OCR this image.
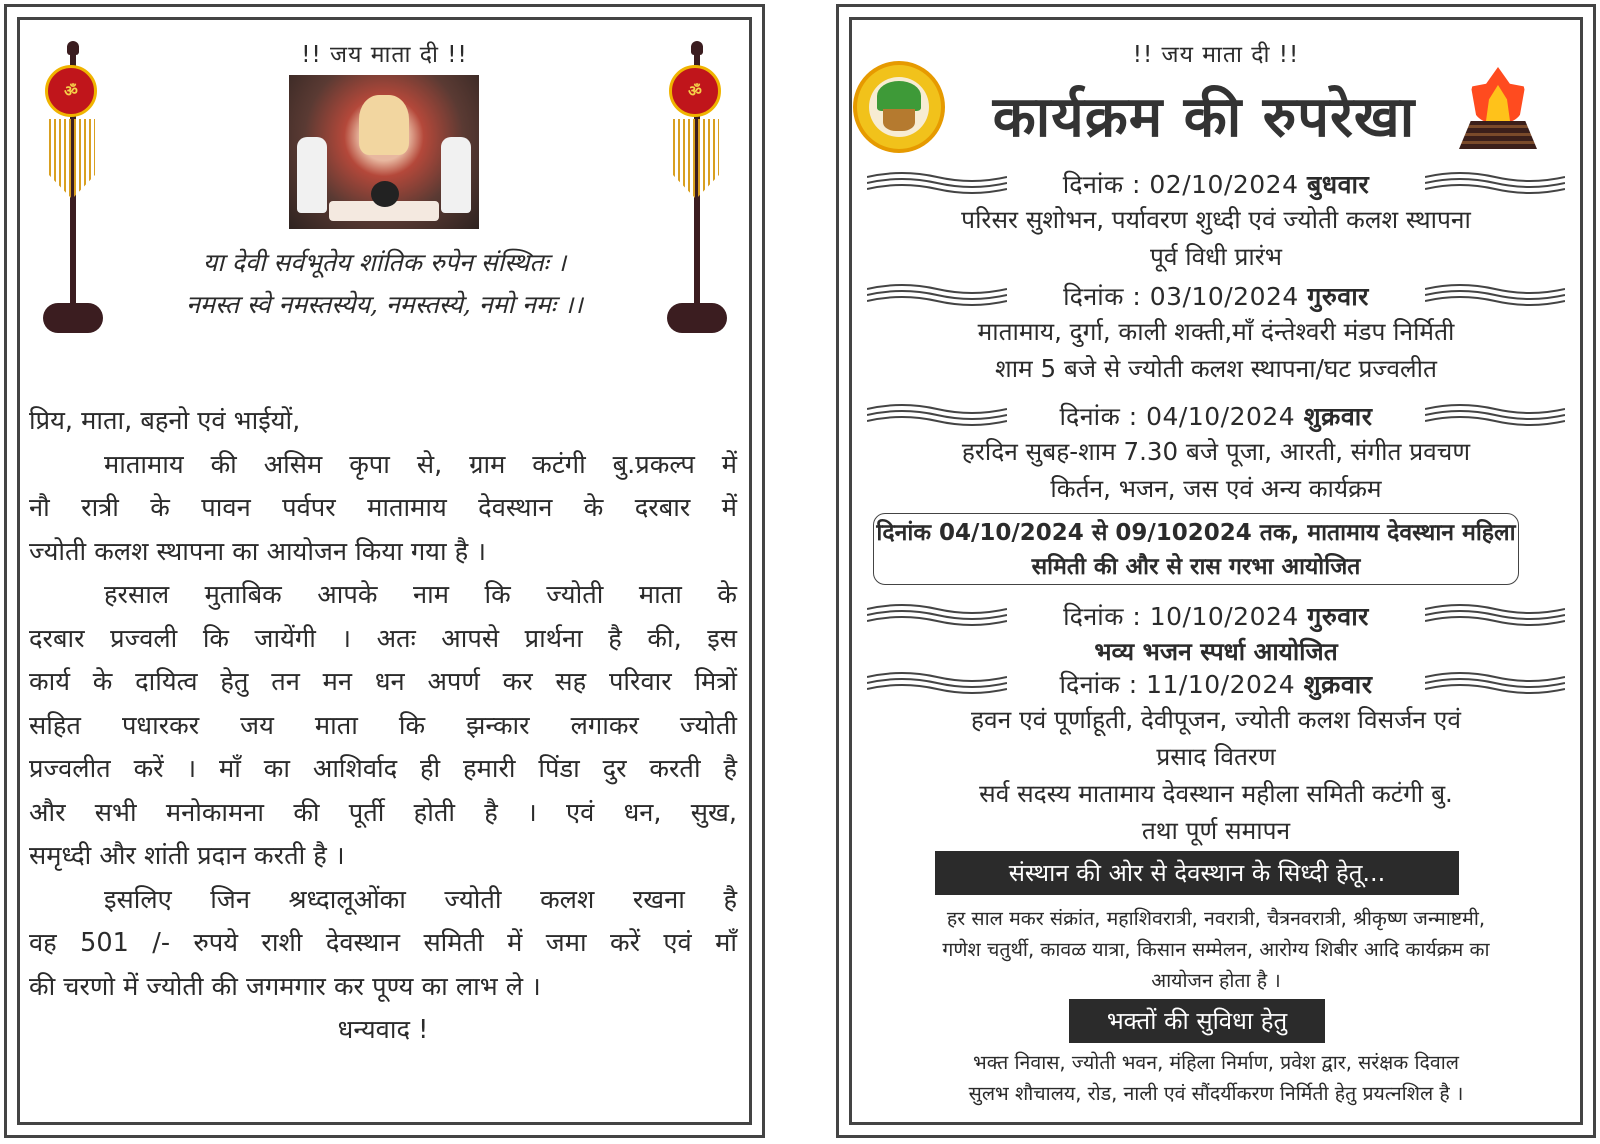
!! जय माता दी !!
ॐ	ॐ
या देवी सर्वभूतेय शांतिक रुपेन संस्थितः ।
नमस्त स्वे नमस्तस्येय, नमस्तस्ये, नमो नमः ।।

प्रिय, माता, बहनो एवं भाईयों,

मातामाय की असिम कृपा से, ग्राम कटंगी बु.प्रकल्प में

नौ रात्री के पावन पर्वपर मातामाय देवस्थान के दरबार में

ज्योती कलश स्थापना का आयोजन किया गया है ।

हरसाल मुताबिक आपके नाम कि ज्योती माता के

दरबार प्रज्वली कि जायेंगी । अतः आपसे प्रार्थना है की, इस

कार्य के दायित्व हेतु तन मन धन अपर्ण कर सह परिवार मित्रों

सहित पधारकर जय माता कि झन्कार लगाकर ज्योती

प्रज्वलीत करें । माँ का आशिर्वाद ही हमारी पिंडा दुर करती है

और सभी मनोकामना की पूर्ती होती है । एवं धन, सुख,

समृध्दी और शांती प्रदान करती है ।

इसलिए जिन श्रध्दालूओंका ज्योती कलश रखना है

वह 501 /- रुपये राशी देवस्थान समिती में जमा करें एवं माँ

की चरणो में ज्योती की जगमगार कर पूण्य का लाभ ले ।

धन्यवाद !

!! जय माता दी !!
कार्यक्रम की रुपरेखा
दिनांक : 02/10/2024 बुधवार
परिसर सुशोभन, पर्यावरण शुध्दी एवं ज्योती कलश स्थापना
पूर्व विधी प्रारंभ
दिनांक : 03/10/2024 गुरुवार
मातामाय, दुर्गा, काली शक्ती,माँ दंन्तेश्वरी मंडप निर्मिती
शाम 5 बजे से ज्योती कलश स्थापना/घट प्रज्वलीत
दिनांक : 04/10/2024 शुक्रवार
हरदिन सुबह-शाम 7.30 बजे पूजा, आरती, संगीत प्रवचण
किर्तन, भजन, जस एवं अन्य कार्यक्रम
दिनांक 04/10/2024 से 09/102024 तक, मातामाय देवस्थान महिला
समिती की और से रास गरभा आयोजित
दिनांक : 10/10/2024 गुरुवार
भव्य भजन स्पर्धा आयोजित
दिनांक : 11/10/2024 शुक्रवार
हवन एवं पूर्णाहूती, देवीपूजन, ज्योती कलश विसर्जन एवं
प्रसाद वितरण
सर्व सदस्य मातामाय देवस्थान महीला समिती कटंगी बु.
तथा पूर्ण समापन
संस्थान की ओर से देवस्थान के सिध्दी हेतू...
हर साल मकर संक्रांत, महाशिवरात्री, नवरात्री, चैत्रनवरात्री, श्रीकृष्ण जन्माष्टमी,
गणेश चतुर्थी, कावळ यात्रा, किसान सम्मेलन, आरोग्य शिबीर आदि कार्यक्रम का
आयोजन होता है ।
भक्तों की सुविधा हेतु
भक्त निवास, ज्योती भवन, मंहिला निर्माण, प्रवेश द्वार, सरंक्षक दिवाल
सुलभ शौचालय, रोड, नाली एवं सौंदर्यीकरण निर्मिती हेतु प्रयत्नशिल है ।
